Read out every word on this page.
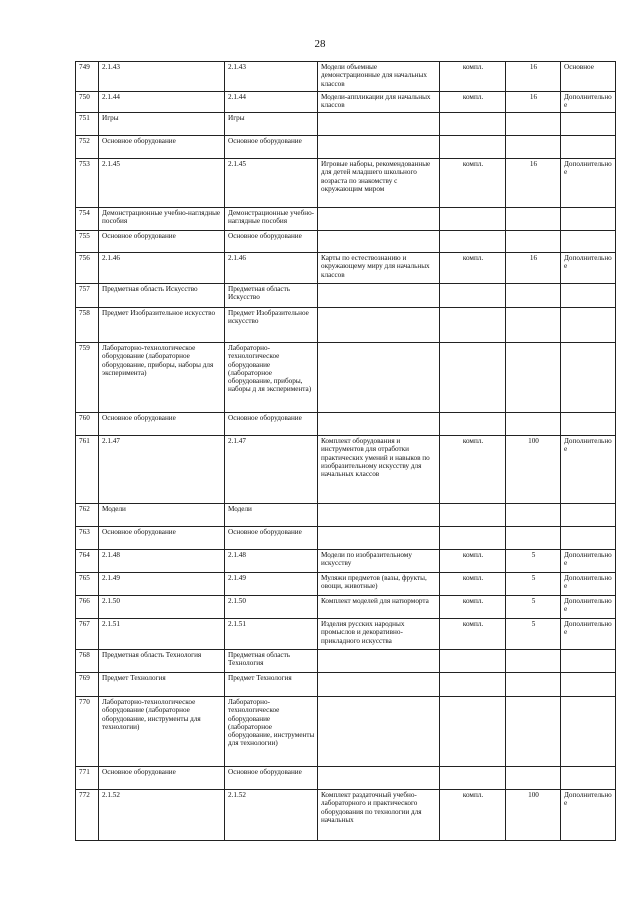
28
749	2.1.43	2.1.43	Модели объемные демонстрационные для начальных классов	компл.	16	Основное
750	2.1.44	2.1.44	Модели-аппликации для начальных классов	компл.	16	Дополнительное
751	Игры	Игры				
752	Основное оборудование	Основное оборудование				
753	2.1.45	2.1.45	Игровые наборы, рекомендованные для детей младшего школьного возраста по знакомству с окружающим миром	компл.	16	Дополнительное
754	Демонстрационные учебно-наглядные пособия	Демонстрационные учебно-наглядные пособия				
755	Основное оборудование	Основное оборудование				
756	2.1.46	2.1.46	Карты по естествознанию и окружающему миру для начальных классов	компл.	16	Дополнительное
757	Предметная область Искусство	Предметная область Искусство				
758	Предмет Изобразительное искусство	Предмет Изобразительное искусство				
759	Лабораторно-технологическое оборудование (лабораторное оборудование, приборы, наборы для эксперимента)	Лабораторно-технологическое оборудование (лабораторное оборудование, приборы, наборы д ля эксперимента)				
760	Основное оборудование	Основное оборудование				
761	2.1.47	2.1.47	Комплект оборудования и инструментов для отработки практических умений и навыков по изобразительному искусству для начальных классов	компл.	100	Дополнительное
762	Модели	Модели				
763	Основное оборудование	Основное оборудование				
764	2.1.48	2.1.48	Модели по изобразительному искусству	компл.	5	Дополнительное
765	2.1.49	2.1.49	Муляжи предметов (вазы, фрукты, овощи, животные)	компл.	5	Дополнительное
766	2.1.50	2.1.50	Комплект моделей для натюрморта	компл.	5	Дополнительное
767	2.1.51	2.1.51	Изделия русских народных промыслов и декоративно-прикладного искусства	компл.	5	Дополнительное
768	Предметная область Технология	Предметная область Технология				
769	Предмет Технология	Предмет Технология				
770	Лабораторно-технологическое оборудование (лабораторное оборудование, инструменты для технологии)	Лабораторно-технологическое оборудование (лабораторное оборудование, инструменты для технологии)				
771	Основное оборудование	Основное оборудование				
772	2.1.52	2.1.52	Комплект раздаточный учебно-лабораторного и практического оборудования по технологии для начальных	компл.	100	Дополнительное
